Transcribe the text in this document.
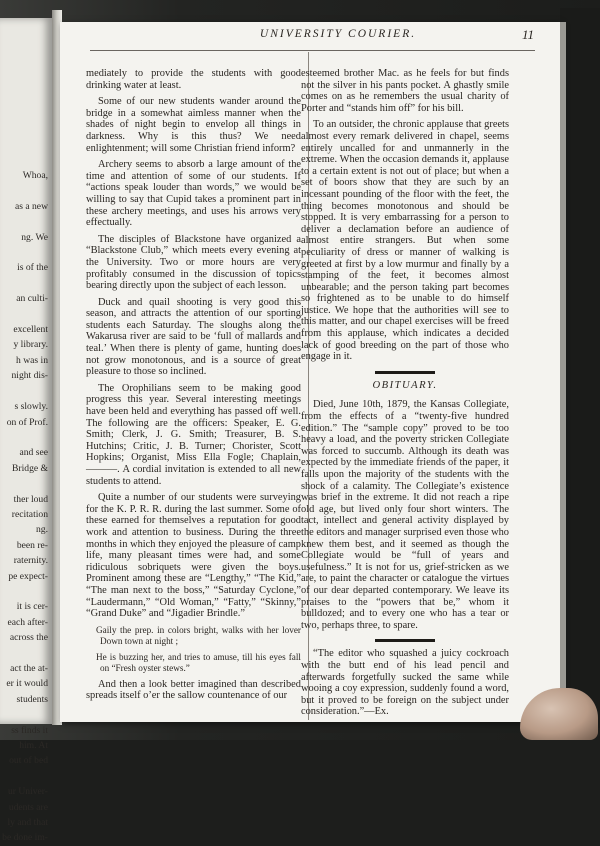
Whoa,

as a new

ng. We

is of the

an culti-

excellent
y library.
h was in
night dis-

s slowly.
on of Prof.

and see
Bridge &

ther loud
recitation
ng.
been re-
raternity.
pe expect-

it is cer-
each after-
across the

act the at-
er it would
students

ss finds it
him. At
out of bed

ur Univer-
udents are
ly and that
be done im-
UNIVERSITY COURIER.	11

mediately to provide the students with good drinking water at least.

Some of our new students wander around the bridge in a somewhat aimless manner when the shades of night begin to envelop all things in darkness. Why is this thus? We need enlightenment; will some Christian friend inform?

Archery seems to absorb a large amount of the time and attention of some of our students. If “actions speak louder than words,” we would be willing to say that Cupid takes a prominent part in these archery meetings, and uses his arrows very effectually.

The disciples of Blackstone have organized a “Blackstone Club,” which meets every evening at the University. Two or more hours are very profitably consumed in the discussion of topics bearing directly upon the subject of each lesson.

Duck and quail shooting is very good this season, and attracts the attention of our sporting students each Saturday. The sloughs along the Wakarusa river are said to be ‘full of mallards and teal.’ When there is plenty of game, hunting does not grow monotonous, and is a source of great pleasure to those so inclined.

The Orophilians seem to be making good progress this year. Several interesting meetings have been held and everything has passed off well. The following are the officers: Speaker, E. G. Smith; Clerk, J. G. Smith; Treasurer, B. S. Hutchins; Critic, J. B. Turner; Chorister, Scott Hopkins; Organist, Miss Ella Fogle; Chaplain, ———. A cordial invitation is extended to all new students to attend.

Quite a number of our students were surveying for the K. P. R. R. during the last summer. Some of these earned for themselves a reputation for good work and attention to business. During the three months in which they enjoyed the pleasure of camp life, many pleasant times were had, and some ridiculous sobriquets were given the boys. Prominent among these are “Lengthy,” “The Kid,” “The man next to the boss,” “Saturday Cyclone,” “Laudermann,” “Old Woman,” “Fatty,” “Skinny,” “Grand Duke” and “Jigadier Brindle.”

Gaily the prep. in colors bright, walks with her lover Down town at night ;

He is buzzing her, and tries to amuse, till his eyes fall on “Fresh oyster stews.”

And then a look better imagined than described spreads itself o’er the sallow countenance of our

esteemed brother Mac. as he feels for but finds not the silver in his pants pocket. A ghastly smile comes on as he remembers the usual charity of Porter and “stands him off” for his bill.

To an outsider, the chronic applause that greets almost every remark delivered in chapel, seems entirely uncalled for and unmannerly in the extreme. When the occasion demands it, applause to a certain extent is not out of place; but when a set of boors show that they are such by an incessant pounding of the floor with the feet, the thing becomes monotonous and should be stopped. It is very embarrassing for a person to deliver a declamation before an audience of almost entire strangers. But when some peculiarity of dress or manner of walking is greeted at first by a low murmur and finally by a stamping of the feet, it becomes almost unbearable; and the person taking part becomes so frightened as to be unable to do himself justice. We hope that the authorities will see to this matter, and our chapel exercises will be freed from this applause, which indicates a decided lack of good breeding on the part of those who engage in it.

OBITUARY.

Died, June 10th, 1879, the Kansas Collegiate, from the effects of a “twenty-five hundred edition.” The “sample copy” proved to be too heavy a load, and the poverty stricken Collegiate was forced to succumb. Although its death was expected by the immediate friends of the paper, it falls upon the majority of the students with the shock of a calamity. The Collegiate’s existence was brief in the extreme. It did not reach a ripe old age, but lived only four short winters. The tact, intellect and general activity displayed by the editors and manager surprised even those who knew them best, and it seemed as though the Collegiate would be “full of years and usefulness.” It is not for us, grief-stricken as we are, to paint the character or catalogue the virtues of our dear departed contemporary. We leave its praises to the “powers that be,” whom it bulldozed; and to every one who has a tear or two, perhaps three, to spare.

“The editor who squashed a juicy cockroach with the butt end of his lead pencil and afterwards forgetfully sucked the same while wooing a coy expression, suddenly found a word, but it proved to be foreign on the subject under consideration.”—Ex.
